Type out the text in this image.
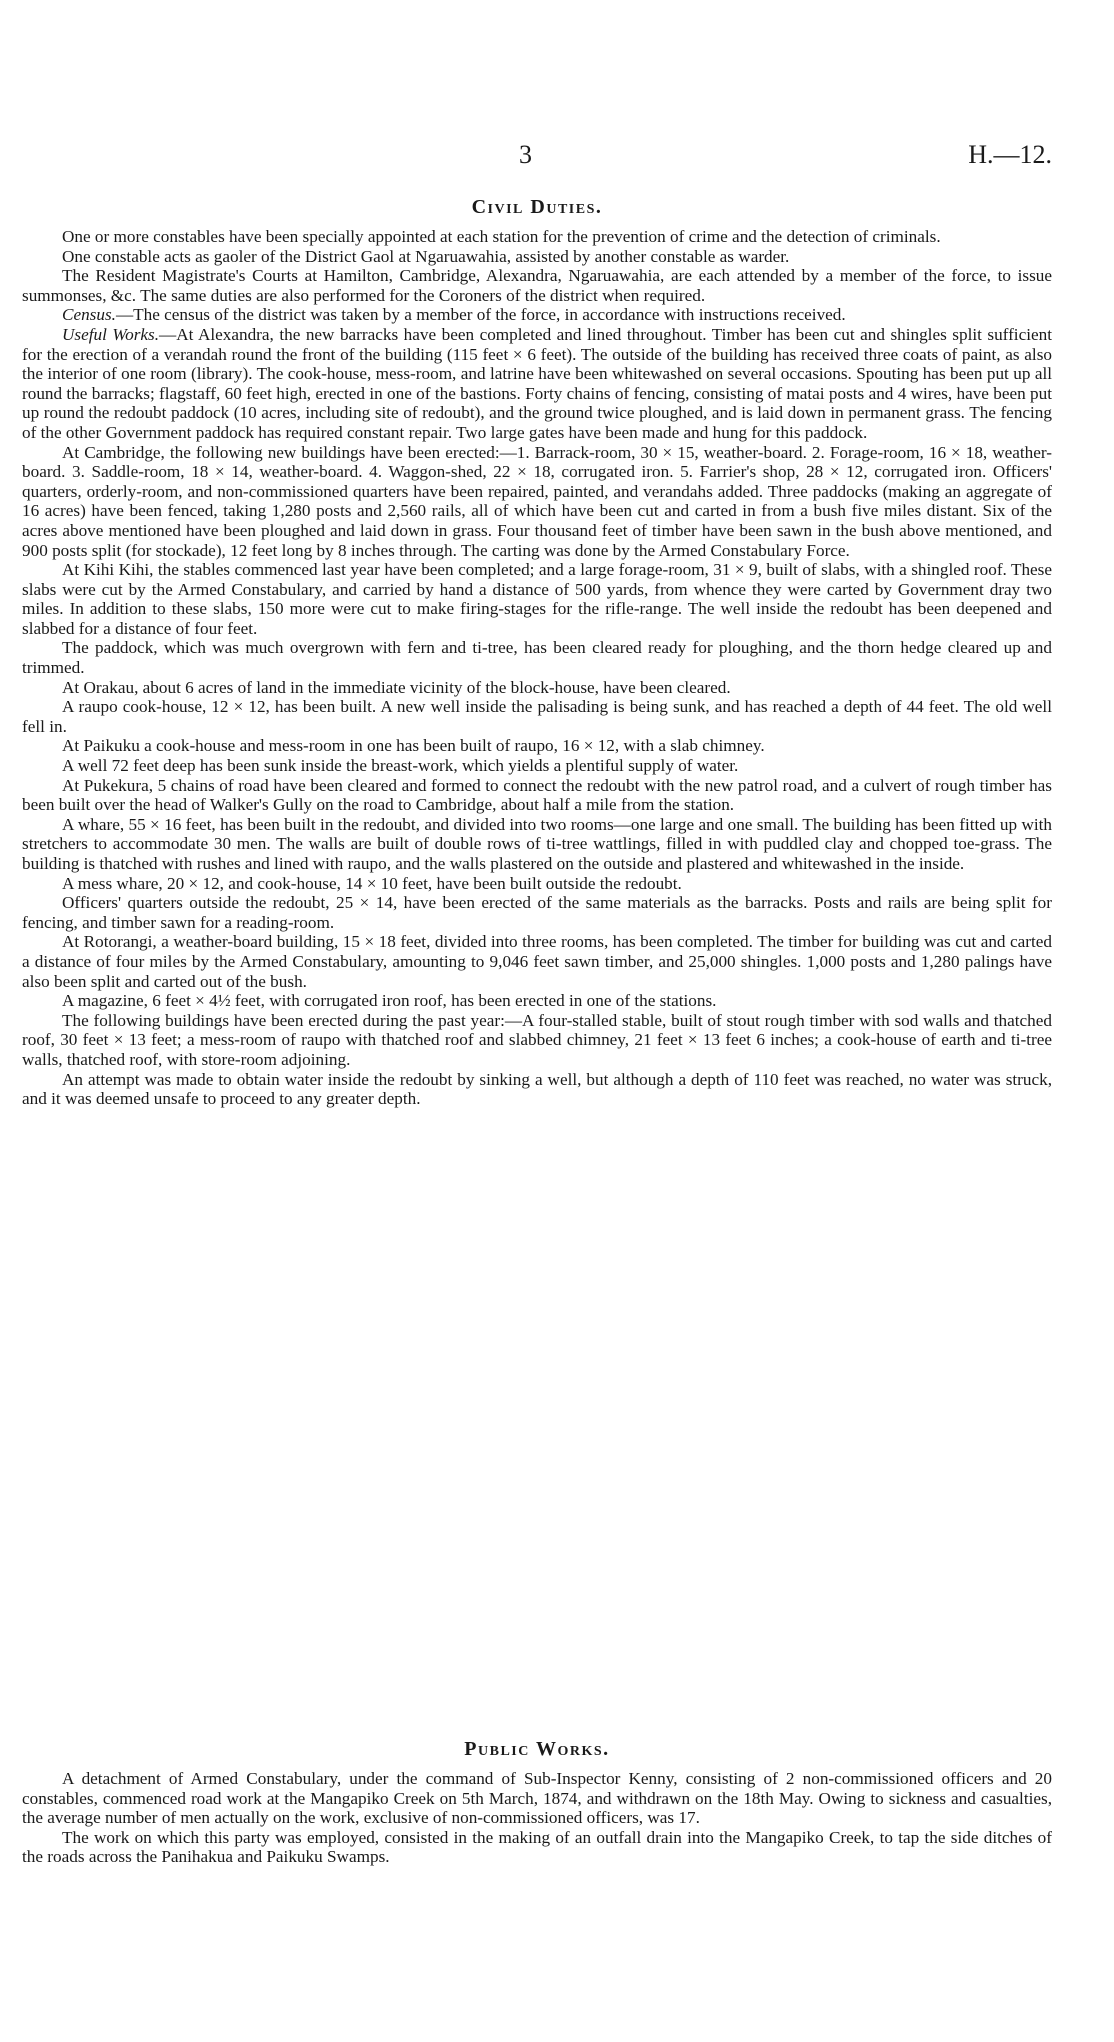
3	H.—12.
Civil Duties.

One or more constables have been specially appointed at each station for the prevention of crime and the detection of criminals.

One constable acts as gaoler of the District Gaol at Ngaruawahia, assisted by another constable as warder.

The Resident Magistrate's Courts at Hamilton, Cambridge, Alexandra, Ngaruawahia, are each attended by a member of the force, to issue summonses, &c. The same duties are also performed for the Coroners of the district when required.

Census.—The census of the district was taken by a member of the force, in accordance with instructions received.

Useful Works.—At Alexandra, the new barracks have been completed and lined throughout. Timber has been cut and shingles split sufficient for the erection of a verandah round the front of the building (115 feet × 6 feet). The outside of the building has received three coats of paint, as also the interior of one room (library). The cook-house, mess-room, and latrine have been whitewashed on several occasions. Spouting has been put up all round the barracks; flagstaff, 60 feet high, erected in one of the bastions. Forty chains of fencing, consisting of matai posts and 4 wires, have been put up round the redoubt paddock (10 acres, including site of redoubt), and the ground twice ploughed, and is laid down in permanent grass. The fencing of the other Government paddock has required constant repair. Two large gates have been made and hung for this paddock.

At Cambridge, the following new buildings have been erected:—1. Barrack-room, 30 × 15, weather-board. 2. Forage-room, 16 × 18, weather-board. 3. Saddle-room, 18 × 14, weather-board. 4. Waggon-shed, 22 × 18, corrugated iron. 5. Farrier's shop, 28 × 12, corrugated iron. Officers' quarters, orderly-room, and non-commissioned quarters have been repaired, painted, and verandahs added. Three paddocks (making an aggregate of 16 acres) have been fenced, taking 1,280 posts and 2,560 rails, all of which have been cut and carted in from a bush five miles distant. Six of the acres above mentioned have been ploughed and laid down in grass. Four thousand feet of timber have been sawn in the bush above mentioned, and 900 posts split (for stockade), 12 feet long by 8 inches through. The carting was done by the Armed Constabulary Force.

At Kihi Kihi, the stables commenced last year have been completed; and a large forage-room, 31 × 9, built of slabs, with a shingled roof. These slabs were cut by the Armed Constabulary, and carried by hand a distance of 500 yards, from whence they were carted by Government dray two miles. In addition to these slabs, 150 more were cut to make firing-stages for the rifle-range. The well inside the redoubt has been deepened and slabbed for a distance of four feet.

The paddock, which was much overgrown with fern and ti-tree, has been cleared ready for ploughing, and the thorn hedge cleared up and trimmed.

At Orakau, about 6 acres of land in the immediate vicinity of the block-house, have been cleared.

A raupo cook-house, 12 × 12, has been built. A new well inside the palisading is being sunk, and has reached a depth of 44 feet. The old well fell in.

At Paikuku a cook-house and mess-room in one has been built of raupo, 16 × 12, with a slab chimney.

A well 72 feet deep has been sunk inside the breast-work, which yields a plentiful supply of water.

At Pukekura, 5 chains of road have been cleared and formed to connect the redoubt with the new patrol road, and a culvert of rough timber has been built over the head of Walker's Gully on the road to Cambridge, about half a mile from the station.

A whare, 55 × 16 feet, has been built in the redoubt, and divided into two rooms—one large and one small. The building has been fitted up with stretchers to accommodate 30 men. The walls are built of double rows of ti-tree wattlings, filled in with puddled clay and chopped toe-grass. The building is thatched with rushes and lined with raupo, and the walls plastered on the outside and plastered and whitewashed in the inside.

A mess whare, 20 × 12, and cook-house, 14 × 10 feet, have been built outside the redoubt.

Officers' quarters outside the redoubt, 25 × 14, have been erected of the same materials as the barracks. Posts and rails are being split for fencing, and timber sawn for a reading-room.

At Rotorangi, a weather-board building, 15 × 18 feet, divided into three rooms, has been completed. The timber for building was cut and carted a distance of four miles by the Armed Constabulary, amounting to 9,046 feet sawn timber, and 25,000 shingles. 1,000 posts and 1,280 palings have also been split and carted out of the bush.

A magazine, 6 feet × 4½ feet, with corrugated iron roof, has been erected in one of the stations.

The following buildings have been erected during the past year:—A four-stalled stable, built of stout rough timber with sod walls and thatched roof, 30 feet × 13 feet; a mess-room of raupo with thatched roof and slabbed chimney, 21 feet × 13 feet 6 inches; a cook-house of earth and ti-tree walls, thatched roof, with store-room adjoining.

An attempt was made to obtain water inside the redoubt by sinking a well, but although a depth of 110 feet was reached, no water was struck, and it was deemed unsafe to proceed to any greater depth.

Public Works.

A detachment of Armed Constabulary, under the command of Sub-Inspector Kenny, consisting of 2 non-commissioned officers and 20 constables, commenced road work at the Mangapiko Creek on 5th March, 1874, and withdrawn on the 18th May. Owing to sickness and casualties, the average number of men actually on the work, exclusive of non-commissioned officers, was 17.

The work on which this party was employed, consisted in the making of an outfall drain into the Mangapiko Creek, to tap the side ditches of the roads across the Panihakua and Paikuku Swamps.
